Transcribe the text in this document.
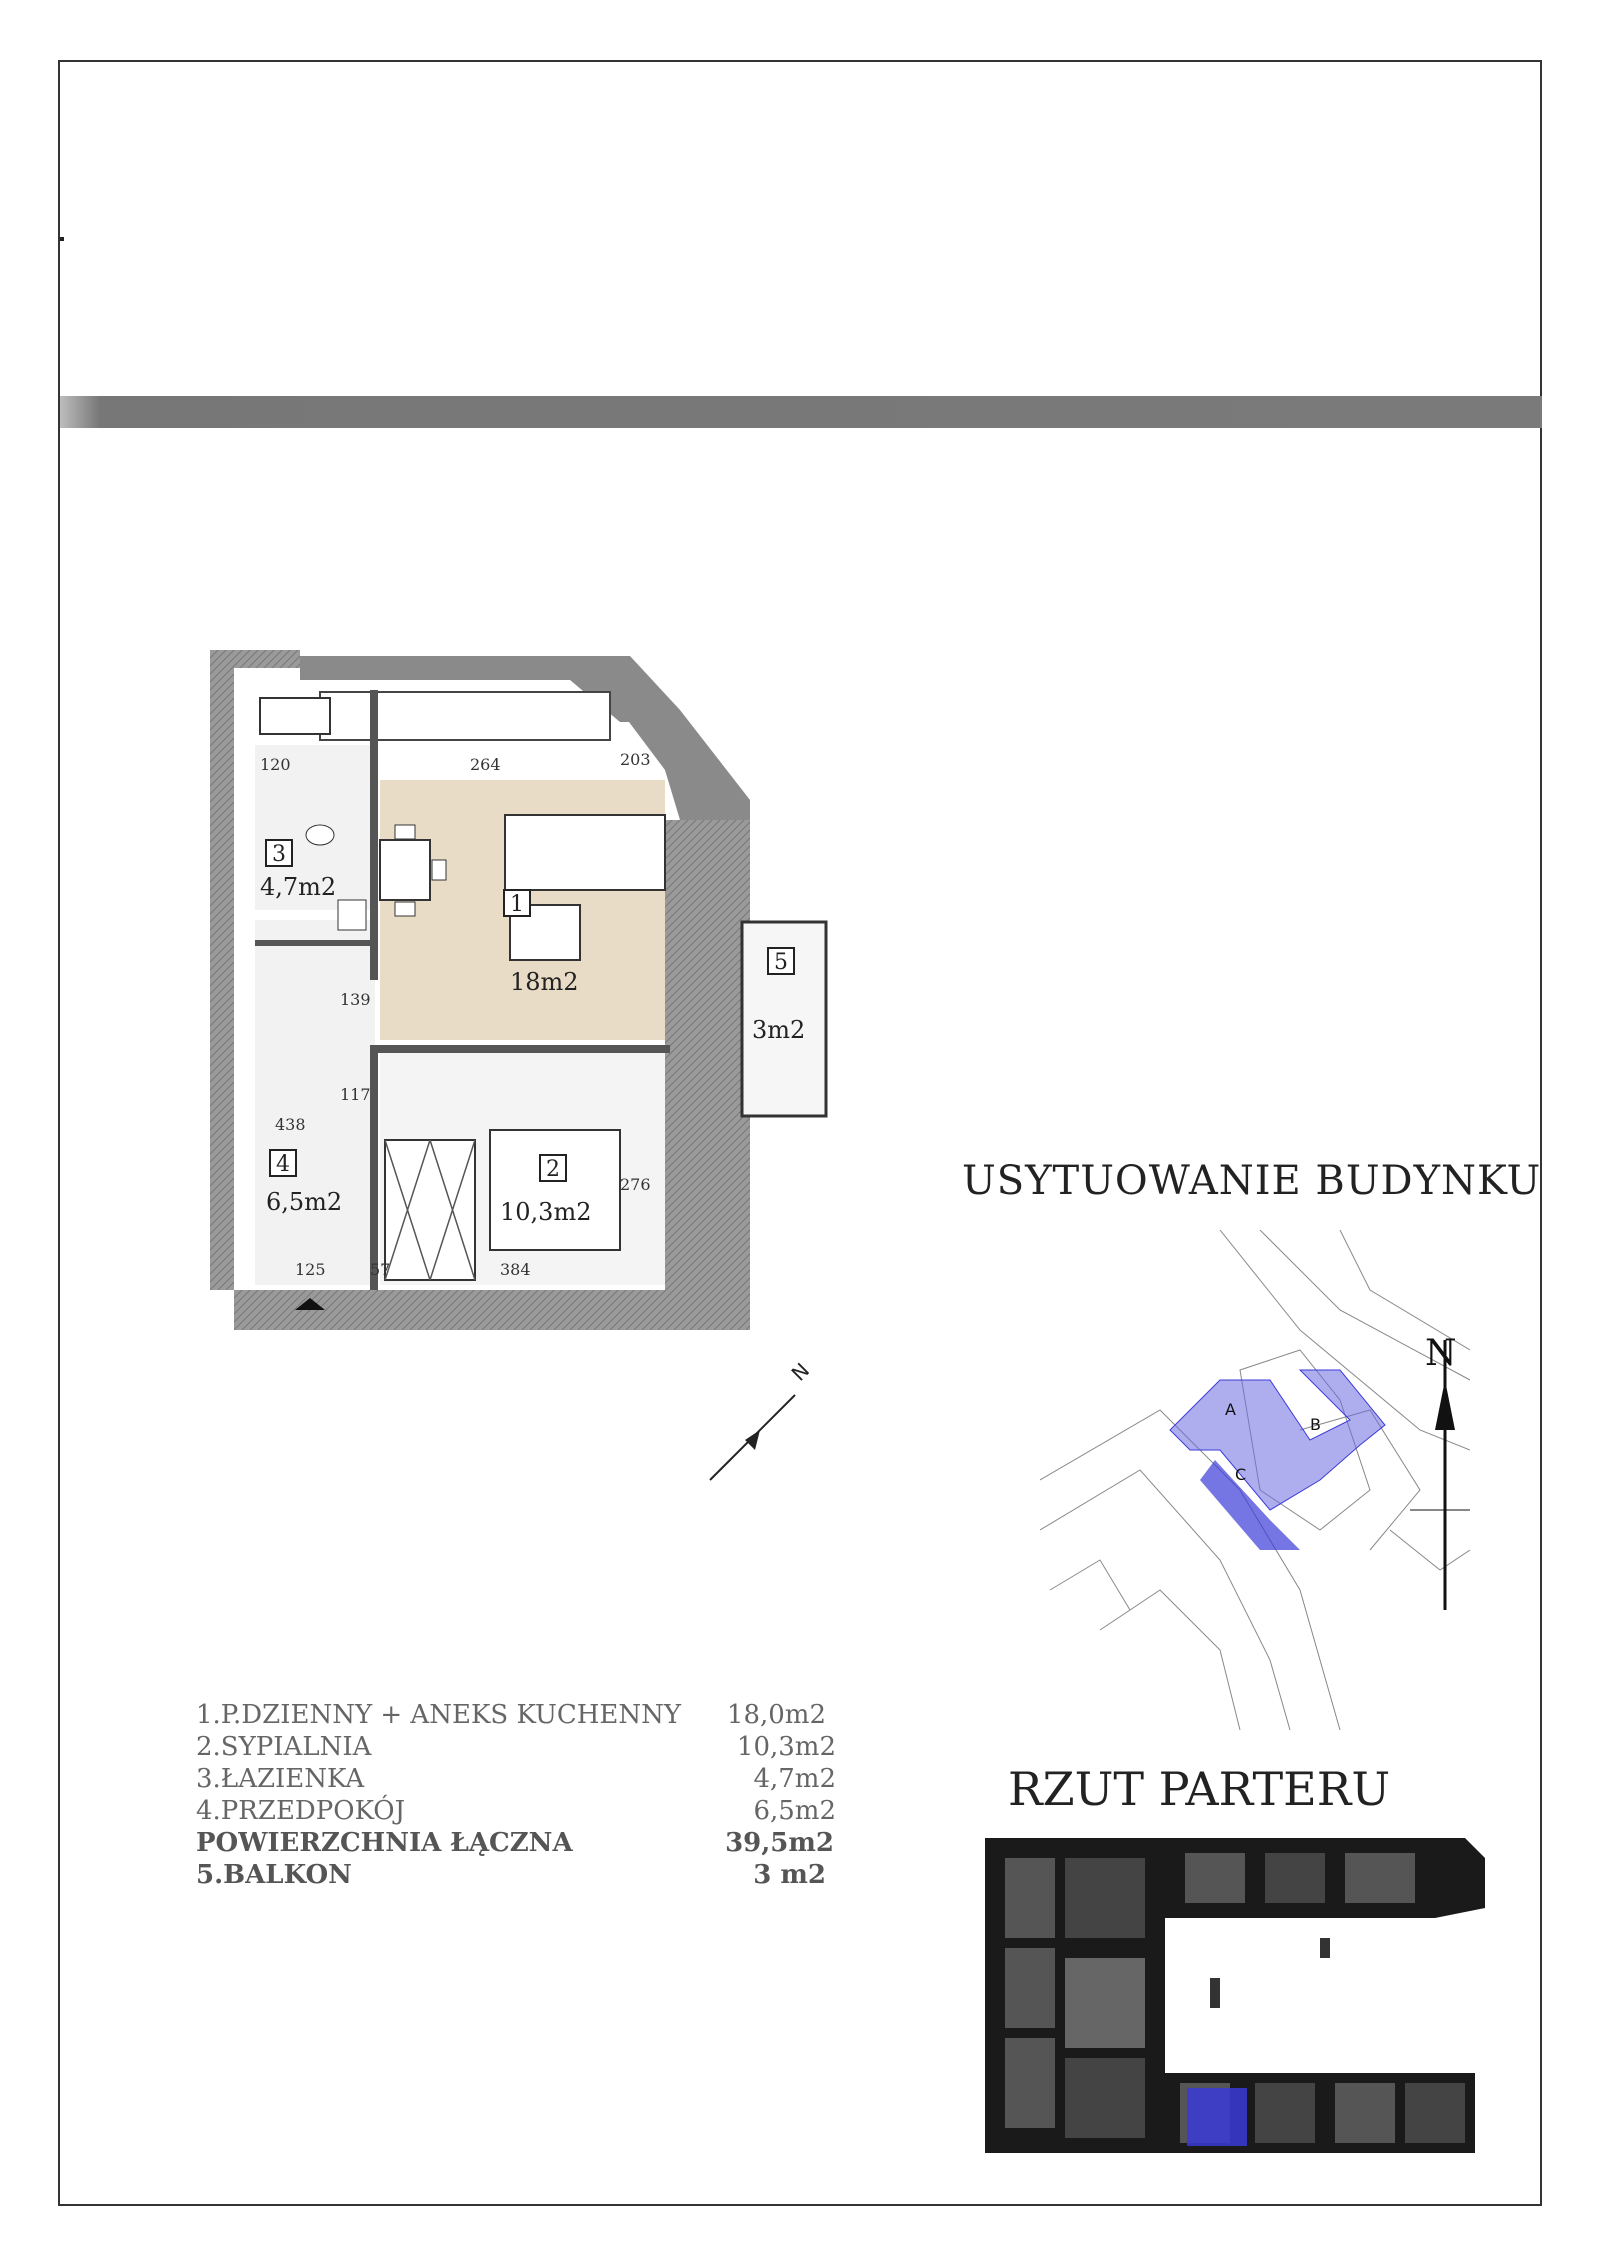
3
4,7m2
1
18m2
2
10,3m2
4
6,5m2
120	264	203
139
117
438
276
125	57	384
5
3m2
N
1.P.DZIENNY + ANEKS KUCHENNY 18,0m2
2.SYPIALNIA	10,3m2
3.ŁAZIENKA	4,7m2
4.PRZEDPOKÓJ	6,5m2
POWIERZCHNIA ŁĄCZNA	39,5m2
5.BALKON	3 m2
USYTUOWANIE BUDYNKU
A
B
C
N
RZUT PARTERU
